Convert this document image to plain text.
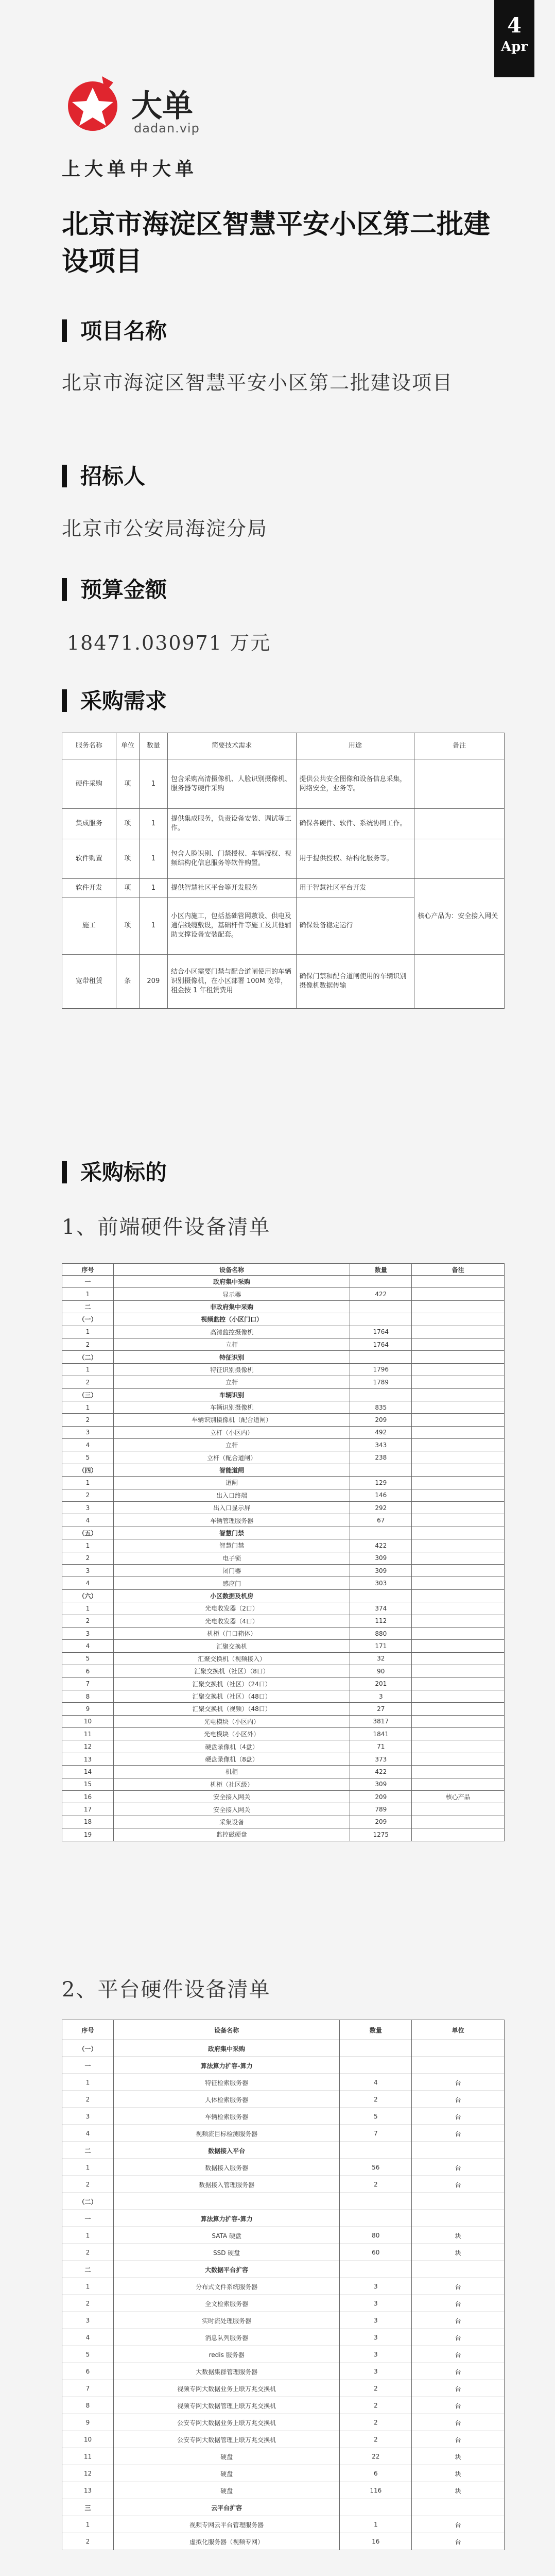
4
Apr
大单
dadan.vip
上大单中大单
北京市海淀区智慧平安小区第二批建设项目
项目名称
北京市海淀区智慧平安小区第二批建设项目
招标人
北京市公安局海淀分局
预算金额
18471.030971 万元
采购需求
服务名称	单位	数量	简要技术需求	用途	备注
硬件采购	项	1	包含采购高清摄像机、人脸识别摄像机、服务器等硬件采购	提供公共安全图像和设备信息采集，网络安全，业务等。	
集成服务	项	1	提供集成服务，负责设备安装、调试等工作。	确保各硬件、软件、系统协同工作。	
软件购置	项	1	包含人脸识别、门禁授权、车辆授权、视频结构化信息服务等软件购置。	用于提供授权、结构化服务等。	
软件开发	项	1	提供智慧社区平台等开发服务	用于智慧社区平台开发	核心产品为：安全接入网关
施工	项	1	小区内施工，包括基础管网敷设、供电及通信线缆敷设，基础杆件等施工及其他辅助支撑设备安装配套。	确保设备稳定运行	
宽带租赁	条	209	结合小区需要门禁与配合道闸使用的车辆识别摄像机，在小区部署 100M 宽带，租金按 1 年租赁费用	确保门禁和配合道闸使用的车辆识别摄像机数据传输	
采购标的
1、前端硬件设备清单
序号	设备名称	数量	备注
一	政府集中采购		
1	显示器	422	
二	非政府集中采购		
（一）	视频监控（小区门口）		
1	高清监控摄像机	1764	
2	立杆	1764	
（二）	特征识别		
1	特征识别摄像机	1796	
2	立杆	1789	
（三）	车辆识别		
1	车辆识别摄像机	835	
2	车辆识别摄像机（配合道闸）	209	
3	立杆（小区内）	492	
4	立杆	343	
5	立杆（配合道闸）	238	
（四）	智能道闸		
1	道闸	129	
2	出入口终端	146	
3	出入口显示屏	292	
4	车辆管理服务器	67	
（五）	智慧门禁		
1	智慧门禁	422	
2	电子锁	309	
3	闭门器	309	
4	感应门	303	
（六）	小区数据及机房		
1	光电收发器（2口）	374	
2	光电收发器（4口）	112	
3	机柜（门口箱体）	880	
4	汇聚交换机	171	
5	汇聚交换机（视频接入）	32	
6	汇聚交换机（社区）（8口）	90	
7	汇聚交换机（社区）（24口）	201	
8	汇聚交换机（社区）（48口）	3	
9	汇聚交换机（视频）（48口）	27	
10	光电模块（小区内）	3817	
11	光电模块（小区外）	1841	
12	硬盘录像机（4盘）	71	
13	硬盘录像机（8盘）	373	
14	机柜	422	
15	机柜（社区级）	309	
16	安全接入网关	209	核心产品
17	安全接入网关	789	
18	采集设备	209	
19	监控磁硬盘	1275	
2、平台硬件设备清单
序号	设备名称	数量	单位
（一）	政府集中采购		
一	算法算力扩容-算力		
1	特征检索服务器	4	台
2	人体检索服务器	2	台
3	车辆检索服务器	5	台
4	视频流目标检测服务器	7	台
二	数据接入平台		
1	数据接入服务器	56	台
2	数据接入管理服务器	2	台
（二）			
一	算法算力扩容-算力		
1	SATA 硬盘	80	块
2	SSD 硬盘	60	块
二	大数据平台扩容		
1	分布式文件系统服务器	3	台
2	全文检索服务器	3	台
3	实时流处理服务器	3	台
4	消息队列服务器	3	台
5	redis 服务器	3	台
6	大数据集群管理服务器	3	台
7	视频专网大数据业务上联万兆交换机	2	台
8	视频专网大数据管理上联万兆交换机	2	台
9	公安专网大数据业务上联万兆交换机	2	台
10	公安专网大数据管理上联万兆交换机	2	台
11	硬盘	22	块
12	硬盘	6	块
13	硬盘	116	块
三	云平台扩容		
1	视频专网云平台管理服务器	1	台
2	虚拟化服务器（视频专网）	16	台
